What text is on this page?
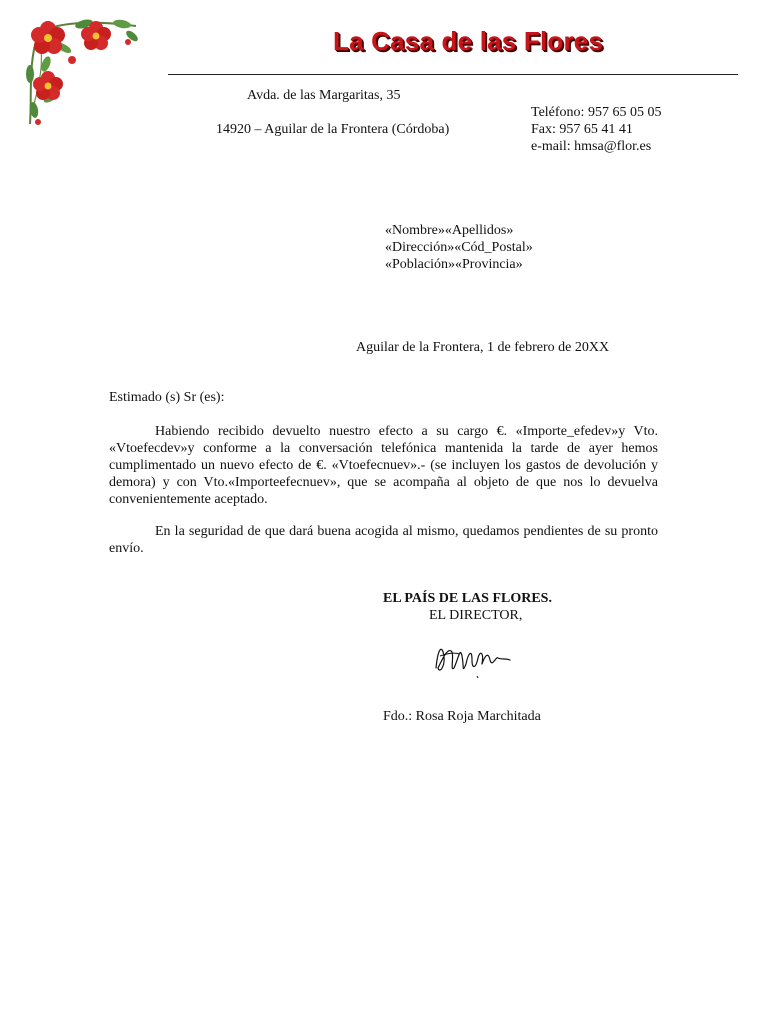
La Casa de las Flores
Avda. de las Margaritas, 35
14920 – Aguilar de la Frontera (Córdoba)
Teléfono: 957 65 05 05
Fax: 957 65 41 41
e-mail: hmsa@flor.es
«Nombre»«Apellidos»
«Dirección»«Cód_Postal»
«Población»«Provincia»
Aguilar de la Frontera, 1 de febrero de 20XX
Estimado (s) Sr (es):
Habiendo recibido devuelto nuestro efecto a su cargo €. «Importe_efedev»y Vto. «Vtoefecdev»y conforme a la conversación telefónica mantenida la tarde de ayer hemos cumplimentado un nuevo efecto de €. «Vtoefecnuev».- (se incluyen los gastos de devolución y demora) y con Vto.«Importeefecnuev», que se acompaña al objeto de que nos lo devuelva convenientemente aceptado.
En la seguridad de que dará buena acogida al mismo, quedamos pendientes de su pronto envío.
EL PAÍS DE LAS FLORES.
EL DIRECTOR,
Fdo.: Rosa Roja Marchitada
